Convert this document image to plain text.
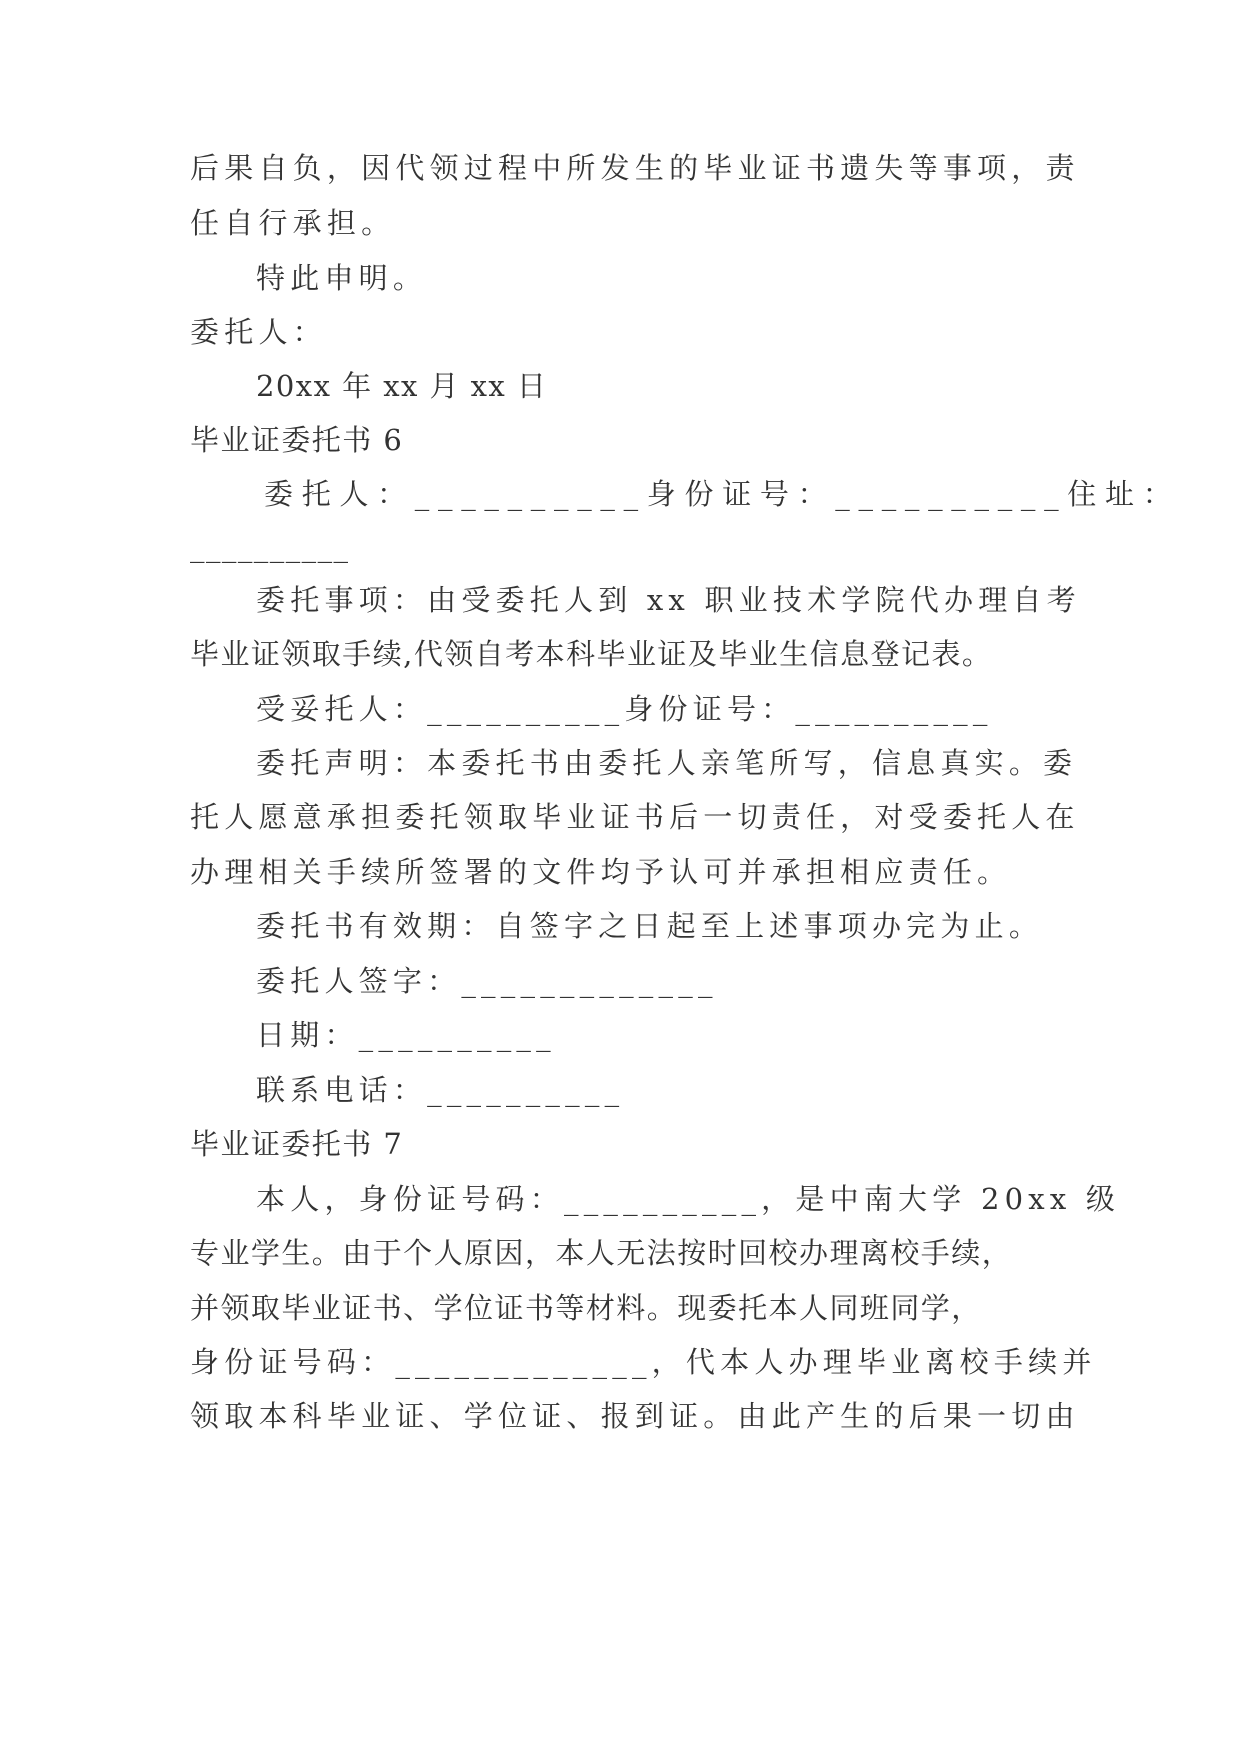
后果自负，因代领过程中所发生的毕业证书遗失等事项，责
任自行承担。
特此申明。
委托人：
20xx 年 xx 月 xx 日
毕业证委托书 6
委托人：__________身份证号：__________住址：
__________
委托事项：由受委托人到 xx 职业技术学院代办理自考
毕业证领取手续,代领自考本科毕业证及毕业生信息登记表。
受妥托人：__________身份证号：__________
委托声明：本委托书由委托人亲笔所写，信息真实。委
托人愿意承担委托领取毕业证书后一切责任，对受委托人在
办理相关手续所签署的文件均予认可并承担相应责任。
委托书有效期：自签字之日起至上述事项办完为止。
委托人签字：_____________
日期：__________
联系电话：__________
毕业证委托书 7
本人，身份证号码：__________，是中南大学 20xx 级
专业学生。由于个人原因，本人无法按时回校办理离校手续，
并领取毕业证书、学位证书等材料。现委托本人同班同学，
身份证号码：_____________，代本人办理毕业离校手续并
领取本科毕业证、学位证、报到证。由此产生的后果一切由
